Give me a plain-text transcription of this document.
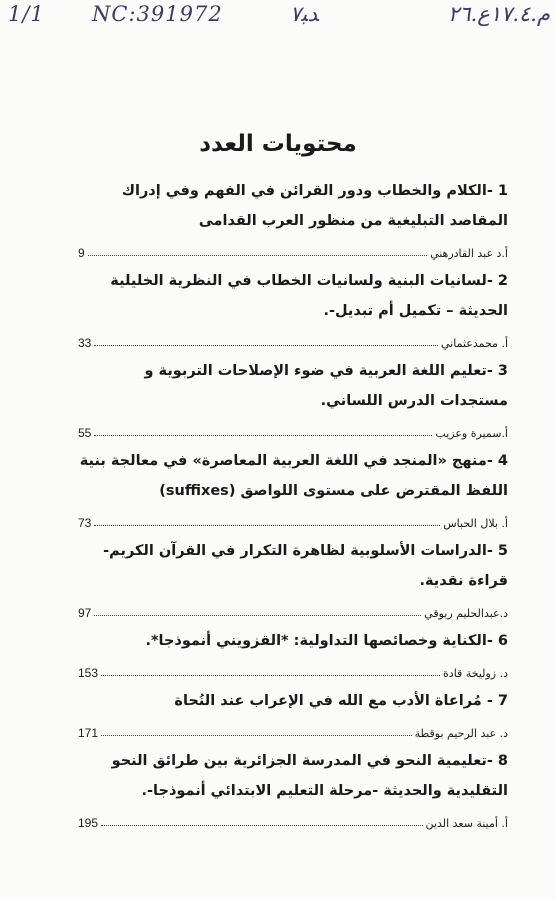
1/1 NC:391972	ﺪﺒ٧	م.١٧.٤ع.٢٦
محتويات العدد
1 -الكلام والخطاب ودور القرائن في الفهم وفي إدراك المقاصد التبليغية من منظور العرب القدامى
أ.د عبد القادرهني
9
2 -لسانيات البنية ولسانيات الخطاب في النظرية الخليلية الحديثة – تكميل أم تبديل-.
أ. محمدعثماني
33
3 -تعليم اللغة العربية في ضوء الإصلاحات التربوية و مستجدات الدرس اللساني.
أ.سميرة وعزيب
55
4 -منهج «المنجد في اللغة العربية المعاصرة» في معالجة بنية اللفظ المقترض على مستوى اللواصق (suffixes)
أ. بلال الحباس
73
5 -الدراسات الأسلوبية لظاهرة التكرار في القرآن الكريم-قراءة نقدية.
د.عبدالحليم ريوقي
97
6 -الكناية وخصائصها التداولية: *القزويني أنموذجا*.
د. زوليخة قادة
153
7 - مُراعاة الأدب مع الله في الإعراب عند النُحاة
د. عبد الرحيم بوقطة
171
8 -تعليمية النحو في المدرسة الجزائرية بين طرائق النحو التقليدية والحديثة -مرحلة التعليم الابتدائي أنموذجا-.
أ. أمينة سعد الدين
195
